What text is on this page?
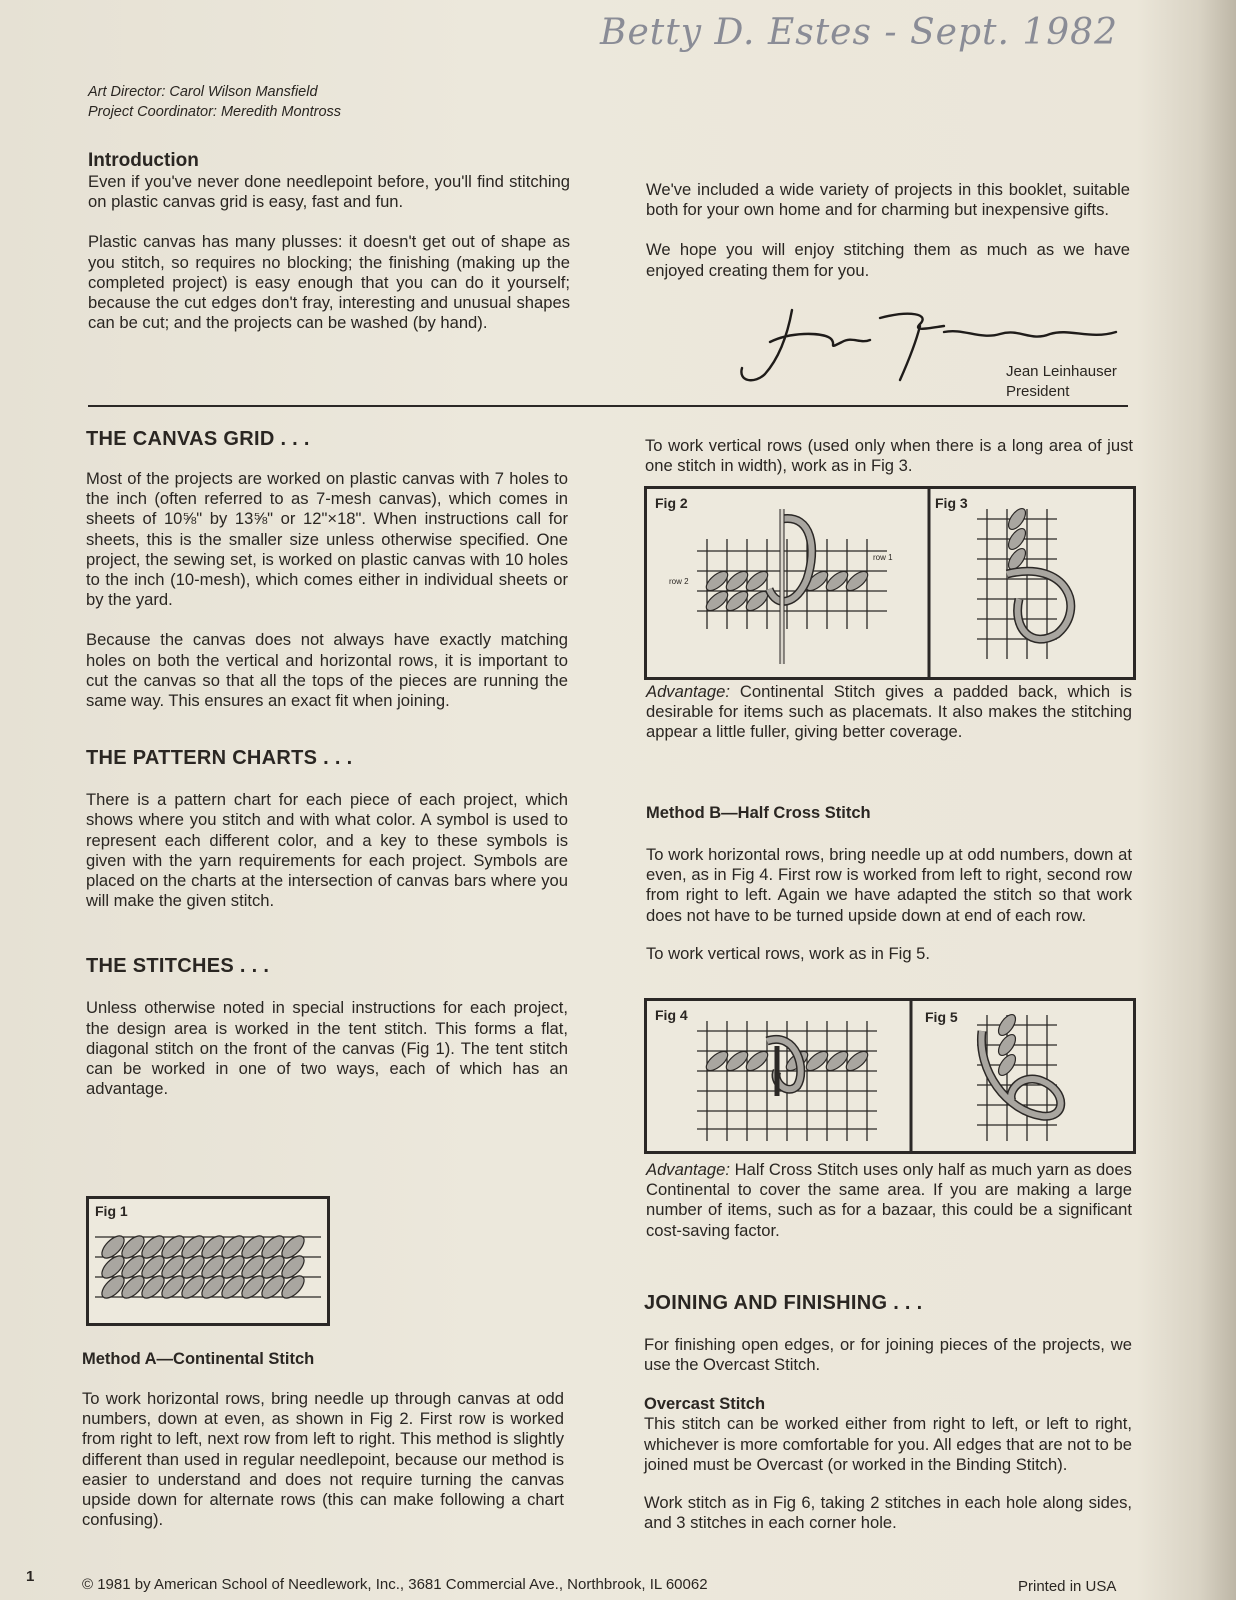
Betty D. Estes - Sept. 1982
Art Director: Carol Wilson Mansfield
Project Coordinator: Meredith Montross
Introduction

Even if you've never done needlepoint before, you'll find stitching on plastic canvas grid is easy, fast and fun.

Plastic canvas has many plusses: it doesn't get out of shape as you stitch, so requires no blocking; the finishing (making up the completed project) is easy enough that you can do it yourself; because the cut edges don't fray, interesting and unusual shapes can be cut; and the projects can be washed (by hand).

We've included a wide variety of projects in this booklet, suitable both for your own home and for charming but inexpensive gifts.

We hope you will enjoy stitching them as much as we have enjoyed creating them for you.

Jean Leinhauser
President
THE CANVAS GRID . . .

Most of the projects are worked on plastic canvas with 7 holes to the inch (often referred to as 7-mesh canvas), which comes in sheets of 10⅝" by 13⅝" or 12"×18". When instructions call for sheets, this is the smaller size unless otherwise specified. One project, the sewing set, is worked on plastic canvas with 10 holes to the inch (10-mesh), which comes either in individual sheets or by the yard.

Because the canvas does not always have exactly matching holes on both the vertical and horizontal rows, it is important to cut the canvas so that all the tops of the pieces are running the same way. This ensures an exact fit when joining.

THE PATTERN CHARTS . . .

There is a pattern chart for each piece of each project, which shows where you stitch and with what color. A symbol is used to represent each different color, and a key to these symbols is given with the yarn requirements for each project. Symbols are placed on the charts at the intersection of canvas bars where you will make the given stitch.

THE STITCHES . . .

Unless otherwise noted in special instructions for each project, the design area is worked in the tent stitch. This forms a flat, diagonal stitch on the front of the canvas (Fig 1). The tent stitch can be worked in one of two ways, each of which has an advantage.

Fig 1
Method A—Continental Stitch

To work horizontal rows, bring needle up through canvas at odd numbers, down at even, as shown in Fig 2. First row is worked from right to left, next row from left to right. This method is slightly different than used in regular needlepoint, because our method is easier to understand and does not require turning the canvas upside down for alternate rows (this can make following a chart confusing).

To work vertical rows (used only when there is a long area of just one stitch in width), work as in Fig 3.

Fig 2	Fig 3
row 1
row 2

Advantage: Continental Stitch gives a padded back, which is desirable for items such as placemats. It also makes the stitching appear a little fuller, giving better coverage.

Method B—Half Cross Stitch

To work horizontal rows, bring needle up at odd numbers, down at even, as in Fig 4. First row is worked from left to right, second row from right to left. Again we have adapted the stitch so that work does not have to be turned upside down at end of each row.

To work vertical rows, work as in Fig 5.

Fig 4	Fig 5

Advantage: Half Cross Stitch uses only half as much yarn as does Continental to cover the same area. If you are making a large number of items, such as for a bazaar, this could be a significant cost-saving factor.

JOINING AND FINISHING . . .

For finishing open edges, or for joining pieces of the projects, we use the Overcast Stitch.

Overcast Stitch

This stitch can be worked either from right to left, or left to right, whichever is more comfortable for you. All edges that are not to be joined must be Overcast (or worked in the Binding Stitch).

Work stitch as in Fig 6, taking 2 stitches in each hole along sides, and 3 stitches in each corner hole.

1	© 1981 by American School of Needlework, Inc., 3681 Commercial Ave., Northbrook, IL 60062	Printed in USA
